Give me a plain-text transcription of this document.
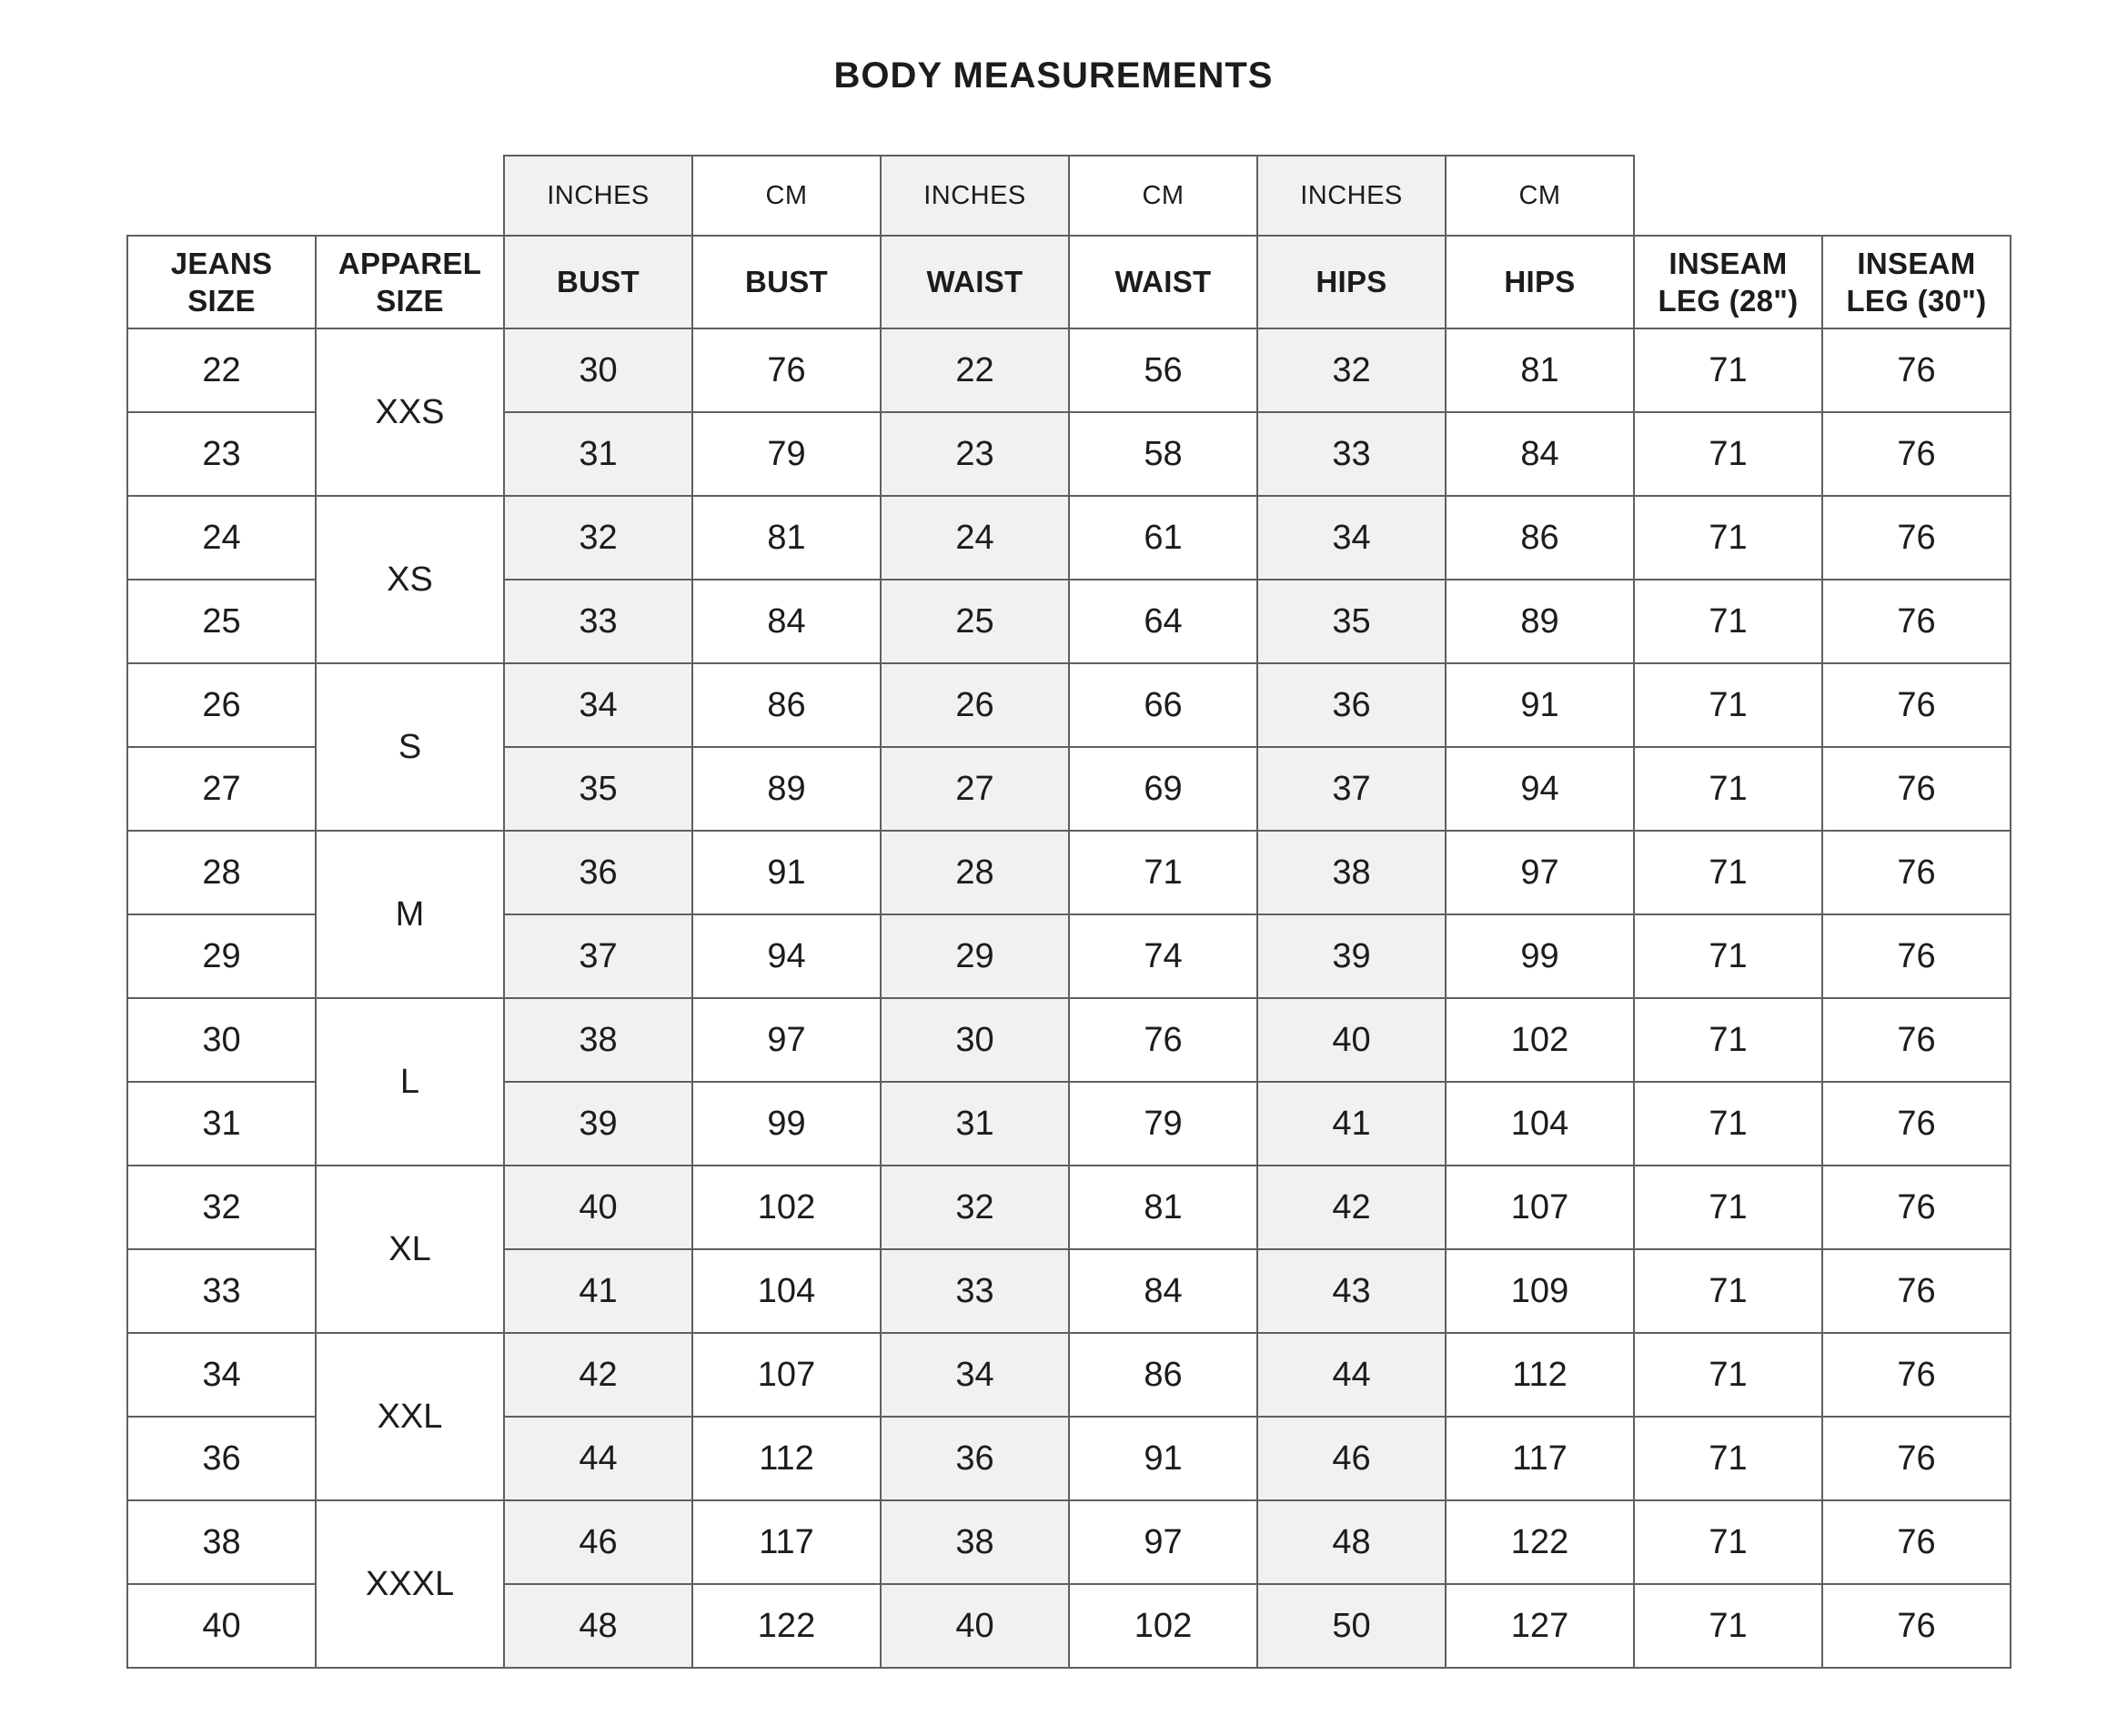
BODY MEASUREMENTS
		INCHES	CM	INCHES	CM	INCHES	CM		
JEANS SIZE	APPAREL SIZE	BUST	BUST	WAIST	WAIST	HIPS	HIPS	INSEAM LEG (28")	INSEAM LEG (30")
22	XXS	30	76	22	56	32	81	71	76
23		31	79	23	58	33	84	71	76
24	XS	32	81	24	61	34	86	71	76
25		33	84	25	64	35	89	71	76
26	S	34	86	26	66	36	91	71	76
27		35	89	27	69	37	94	71	76
28	M	36	91	28	71	38	97	71	76
29		37	94	29	74	39	99	71	76
30	L	38	97	30	76	40	102	71	76
31		39	99	31	79	41	104	71	76
32	XL	40	102	32	81	42	107	71	76
33		41	104	33	84	43	109	71	76
34	XXL	42	107	34	86	44	112	71	76
36		44	112	36	91	46	117	71	76
38	XXXL	46	117	38	97	48	122	71	76
40		48	122	40	102	50	127	71	76
